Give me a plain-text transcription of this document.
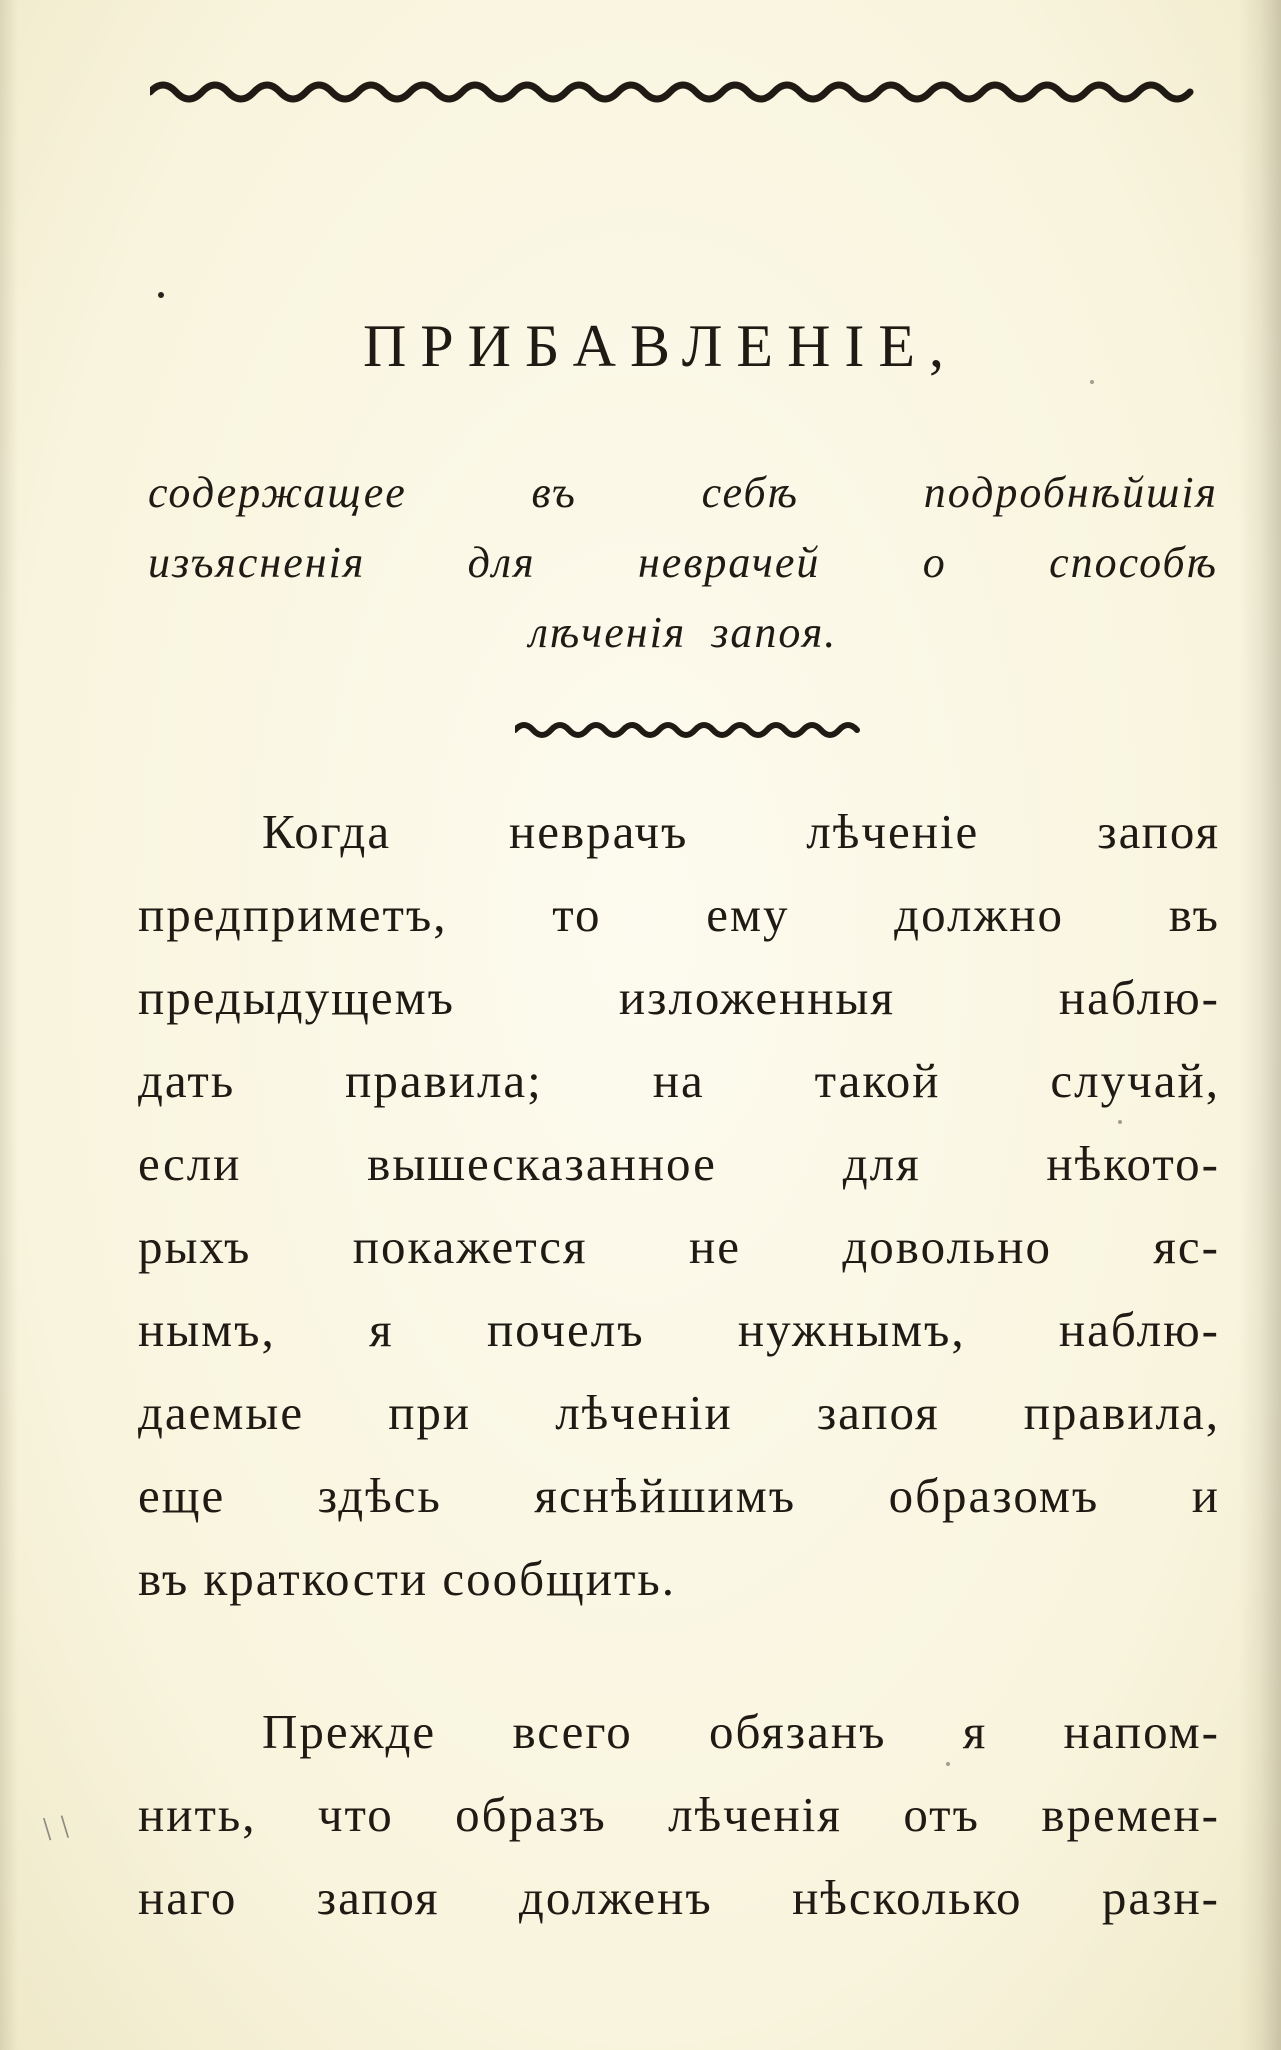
ПРИБАВЛЕНІЕ,
содержащее въ себѣ подробнѣйшія
изъясненія для неврачей о способѣ
лѣченія запоя.
Когда неврачъ лѣченіе запоя
предприметъ, то ему должно въ
предыдущемъ изложенныя наблю-
дать правила; на такой случай,
если вышесказанное для нѣкото-
рыхъ покажется не довольно яс-
нымъ, я почелъ нужнымъ, наблю-
даемые при лѣченіи запоя правила,
еще здѣсь яснѣйшимъ образомъ и
въ краткости сообщить.
Прежде всего обязанъ я напом-
нить, что образъ лѣченія отъ времен-
наго запоя долженъ нѣсколько разн-
\ \
